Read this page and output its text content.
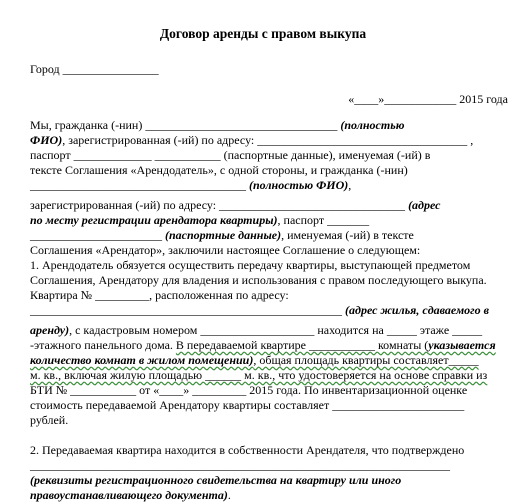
Договор аренды с правом выкупа
Город ________________
«____»____________ 2015 года
Мы, гражданка (-нин) ________________________________ (полностью
ФИО), зарегистрированная (-ий) по адресу: ___________________________________ ,
паспорт _____________ ___________ (паспортные данные), именуемая (-ий) в
тексте Соглашения «Арендодатель», с одной стороны, и гражданка (-нин)
____________________________________ (полностью ФИО),
зарегистрированная (-ий) по адресу: _______________________________ (адрес
по месту регистрации арендатора квартиры), паспорт _______
______________________ (паспортные данные), именуемая (-ий) в тексте
Соглашения «Арендатор», заключили настоящее Соглашение о следующем:
1. Арендодатель обязуется осуществить передачу квартиры, выступающей предметом
Соглашения, Арендатору для владения и использования с правом последующего выкупа.
Квартира № _________, расположенная по адресу:
____________________________________________________ (адрес жилья, сдаваемого в
аренду), с кадастровым номером ___________________ находится на _____ этаже _____
-этажного панельного дома. В передаваемой квартире ___________ комнаты (указывается
количество комнат в жилом помещении), общая площадь квартиры составляет_____
м. кв., включая жилую площадью ______ м. кв., что удостоверяется на основе справки из
БТИ № ___________ от «____» _________ 2015 года. По инвентаризационной оценке
стоимость передаваемой Арендатору квартиры составляет ______________________
рублей.
2. Передаваемая квартира находится в собственности Арендателя, что подтверждено
______________________________________________________________________
(реквизиты регистрационного свидетельства на квартиру или иного
правоустанавливающего документа).
